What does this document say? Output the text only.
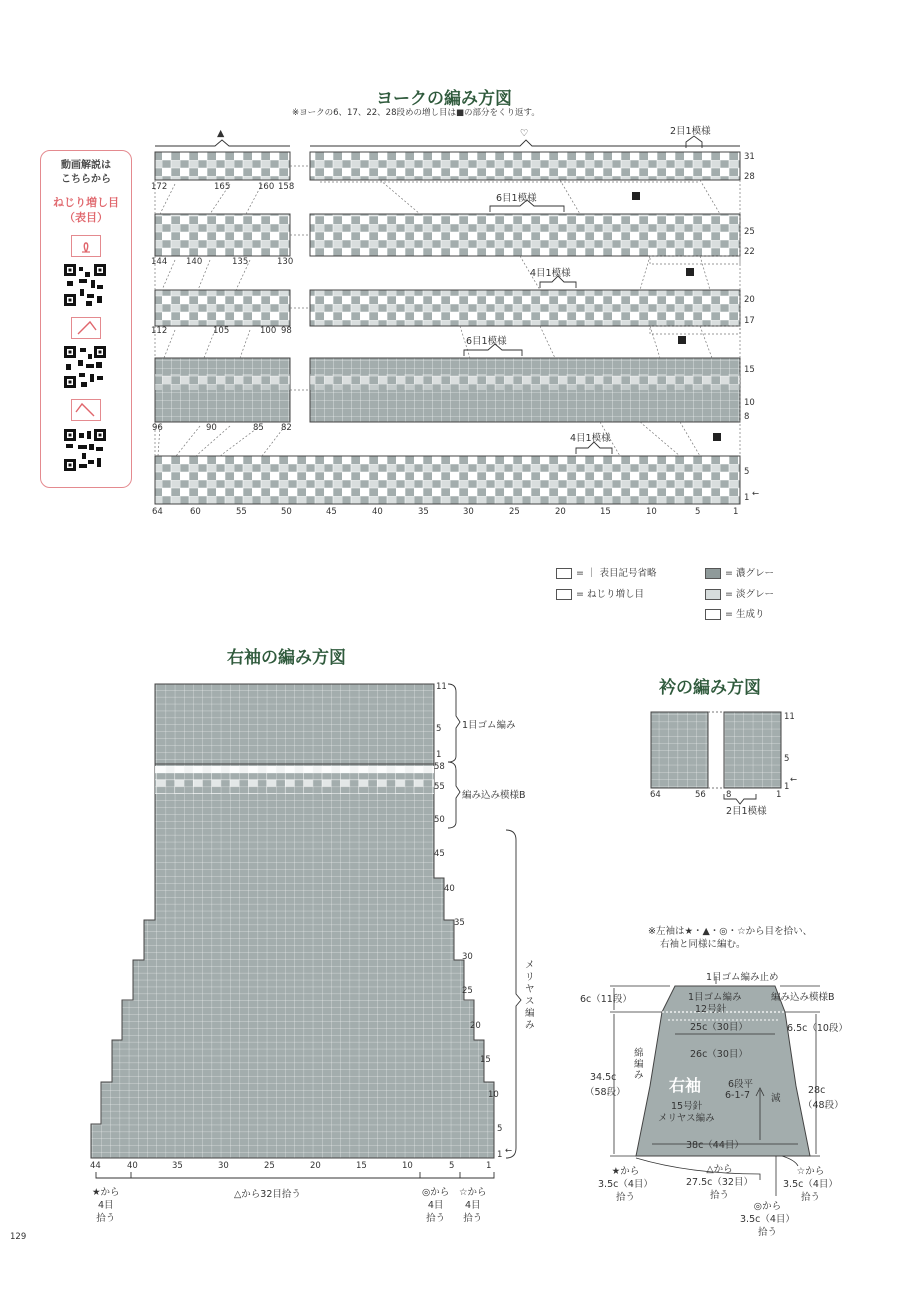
ヨークの編み方図
※ヨークの6、17、22、28段めの増し目は■の部分をくり返す。
動画解説は
こちらから
ねじり増し目
（表目）
▲	♡	2目1模様
6目1模様
4目1模様
6目1模様
4目1模様
31
28
25
22
20
17
15
10
8
5
1 ←
172	165	160 158
144 140	135	130
112	105	100 98
96	90	85 82
64	60	55	50	45	40	35	30	25	20	15	10	5	1
= ｜ 表目記号省略
= ねじり増し目
= 濃グレー
= 淡グレー
= 生成り
右袖の編み方図
11
5
1
58
55
50
45
40
35
30
25
20
15
10
5
1 ←
1目ゴム編み
編み込み模様B
メリヤス編み
44	40	35	30	25	20	15	10	5	1
★から
4目
拾う
△から32目拾う	◎から
4目
拾う
☆から
4目
拾う
衿の編み方図
11
5
1
←
64	56 8	1
2目1模様
※左袖は★・▲・◎・☆から目を拾い、
右袖と同様に編む。
1目ゴム編み止め
1目ゴム編み
12号針
編み込み模様B
25c（30目）
26c（30目）
右袖
15号針
メリヤス編み
6段平
6-1-7 減
綿編み
38c（44目）
6c（11段）
34.5c
（58段）
6.5c（10段）
28c
（48段）
★から
3.5c（4目）
拾う
△から
27.5c（32目）
拾う
☆から
3.5c（4目）
拾う
◎から
3.5c（4目）
拾う
129
